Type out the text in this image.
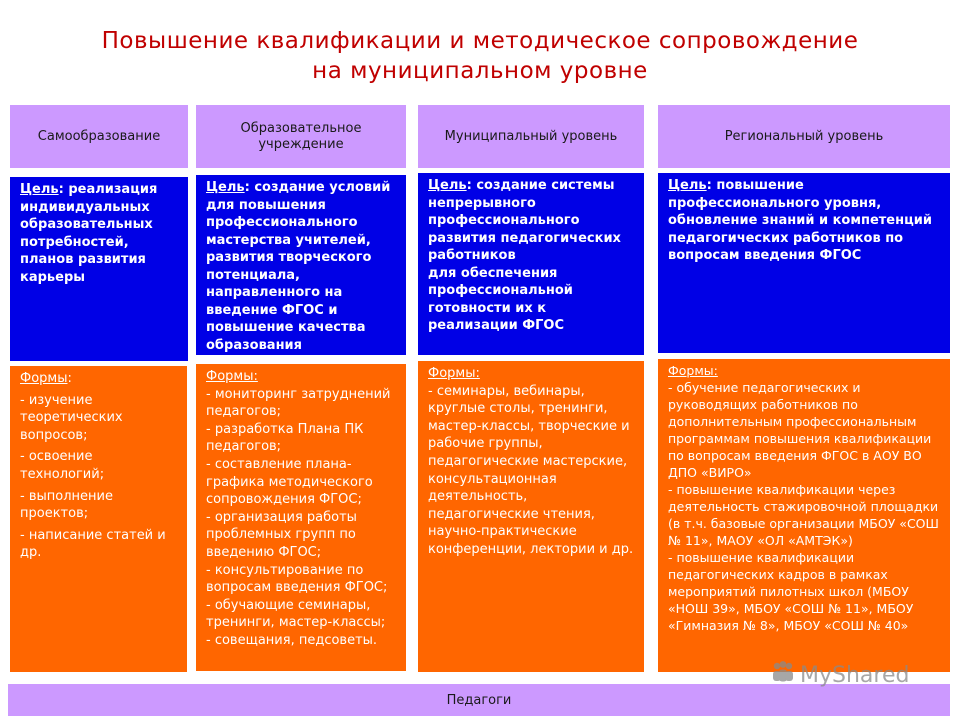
Повышение квалификации и методическое сопровождение
на муниципальном уровне
Самообразование
Цель: реализация индивидуальных образовательных потребностей, планов развития карьеры
Формы:
- изучение теоретических вопросов;
- освоение технологий;
- выполнение проектов;
- написание статей и др.
Образовательное учреждение
Цель: создание условий для повышения профессионального мастерства учителей, развития творческого
потенциала, направленного на введение ФГОС и повышение качества образования
Формы:
- мониторинг затруднений педагогов;
- разработка Плана ПК педагогов;
- составление плана-графика методического сопровождения ФГОС;
- организация работы проблемных групп по введению ФГОС;
- консультирование по вопросам введения ФГОС;
- обучающие семинары, тренинги, мастер-классы;
- совещания, педсоветы.
Муниципальный уровень
Цель: создание системы непрерывного профессионального развития педагогических работников
для обеспечения профессиональной готовности их к реализации ФГОС
Формы:
- семинары, вебинары, круглые столы, тренинги, мастер-классы, творческие и рабочие группы, педагогические мастерские, консультационная деятельность, педагогические чтения, научно-практические конференции, лектории и др.
Региональный уровень
Цель: повышение профессионального уровня, обновление знаний и компетенций педагогических работников по вопросам введения ФГОС
Формы:
- обучение педагогических и руководящих работников по дополнительным профессиональным программам повышения квалификации по вопросам введения ФГОС в АОУ ВО ДПО «ВИРО»
- повышение квалификации через деятельность стажировочной площадки (в т.ч. базовые организации МБОУ «СОШ № 11», МАОУ «ОЛ «АМТЭК»)
- повышение квалификации педагогических кадров в рамках мероприятий пилотных школ (МБОУ «НОШ 39», МБОУ «СОШ № 11», МБОУ «Гимназия № 8», МБОУ «СОШ № 40»
Педагоги
MyShared
